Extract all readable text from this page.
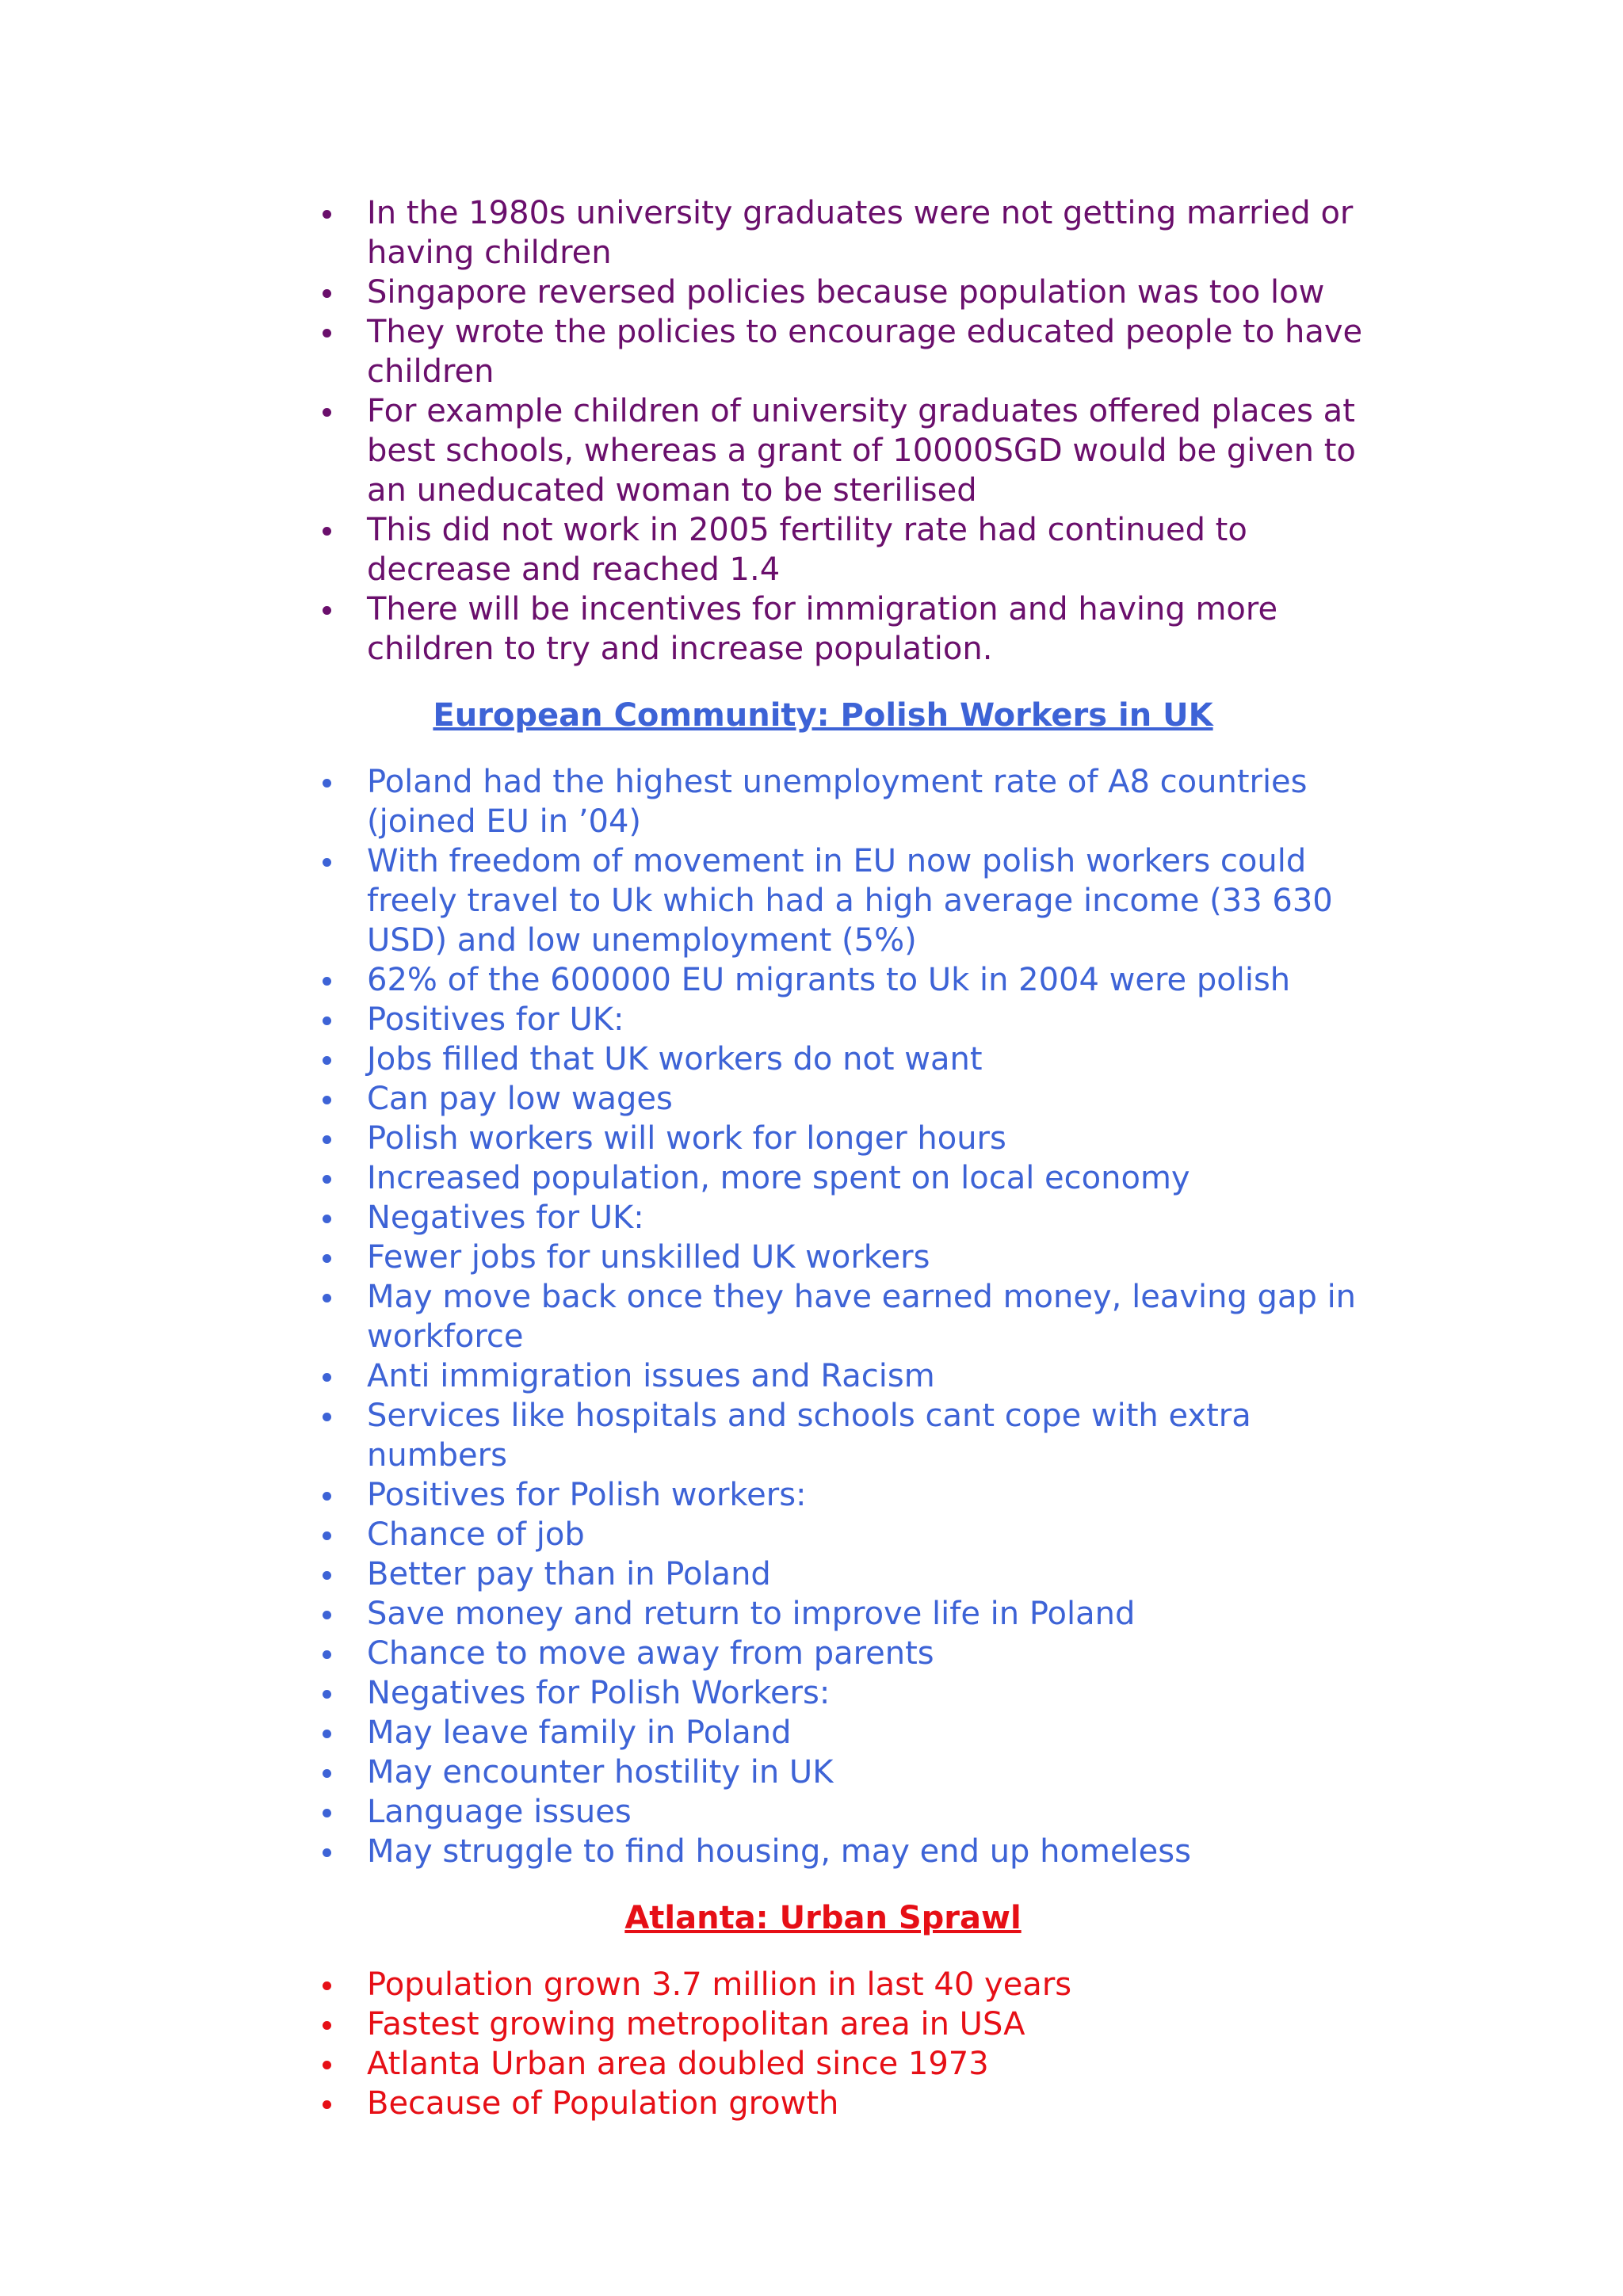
In the 1980s university graduates were not getting married or having children
Singapore reversed policies because population was too low
They wrote the policies to encourage educated people to have children
For example children of university graduates offered places at best schools, whereas a grant of 10000SGD would be given to an uneducated woman to be sterilised
This did not work in 2005 fertility rate had continued to decrease and reached 1.4
There will be incentives for immigration and having more children to try and increase population.
European Community: Polish Workers in UK
Poland had the highest unemployment rate of A8 countries (joined EU in ’04)
With freedom of movement in EU now polish workers could freely travel to Uk which had a high average income (33 630 USD) and low unemployment (5%)
62% of the 600000 EU migrants to Uk in 2004 were polish
Positives for UK:
Jobs filled that UK workers do not want
Can pay low wages
Polish workers will work for longer hours
Increased population, more spent on local economy
Negatives for UK:
Fewer jobs for unskilled UK workers
May move back once they have earned money, leaving gap in workforce
Anti immigration issues and Racism
Services like hospitals and schools cant cope with extra numbers
Positives for Polish workers:
Chance of job
Better pay than in Poland
Save money and return to improve life in Poland
Chance to move away from parents
Negatives for Polish Workers:
May leave family in Poland
May encounter hostility in UK
Language issues
May struggle to find housing, may end up homeless
Atlanta: Urban Sprawl
Population grown 3.7 million in last 40 years
Fastest growing metropolitan area in USA
Atlanta Urban area doubled since 1973
Because of Population growth
